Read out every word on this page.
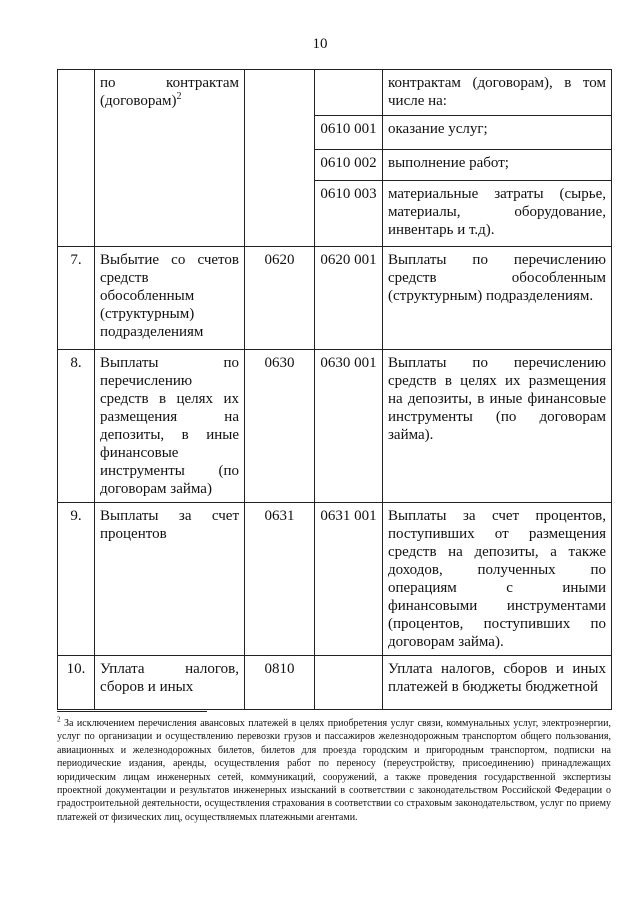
10
	по контрактам (договорам)$^2$			контрактам (договорам), в том числе на:
			0610 001	оказание услуг;
			0610 002	выполнение работ;
			0610 003	материальные затраты (сырье, материалы, оборудование, инвентарь и т.д).
7.	Выбытие со счетов средств обособленным (структурным) подразделениям	0620	0620 001	Выплаты по перечислению средств обособленным (структурным) подразделениям.
8.	Выплаты по перечислению средств в целях их размещения на депозиты, в иные финансовые инструменты (по договорам займа)	0630	0630 001	Выплаты по перечислению средств в целях их размещения на депозиты, в иные финансовые инструменты (по договорам займа).
9.	Выплаты за счет процентов	0631	0631 001	Выплаты за счет процентов, поступивших от размещения средств на депозиты, а также доходов, полученных по операциям с иными финансовыми инструментами (процентов, поступивших по договорам займа).
10.	Уплата налогов, сборов и иных	0810		Уплата налогов, сборов и иных платежей в бюджеты бюджетной
$^2$ За исключением перечисления авансовых платежей в целях приобретения услуг связи, коммунальных услуг, электроэнергии, услуг по организации и осуществлению перевозки грузов и пассажиров железнодорожным транспортом общего пользования, авиационных и железнодорожных билетов, билетов для проезда городским и пригородным транспортом, подписки на периодические издания, аренды, осуществления работ по переносу (переустройству, присоединению) принадлежащих юридическим лицам инженерных сетей, коммуникаций, сооружений, а также проведения государственной экспертизы проектной документации и результатов инженерных изысканий в соответствии с законодательством Российской Федерации о градостроительной деятельности, осуществления страхования в соответствии со страховым законодательством, услуг по приему платежей от физических лиц, осуществляемых платежными агентами.
